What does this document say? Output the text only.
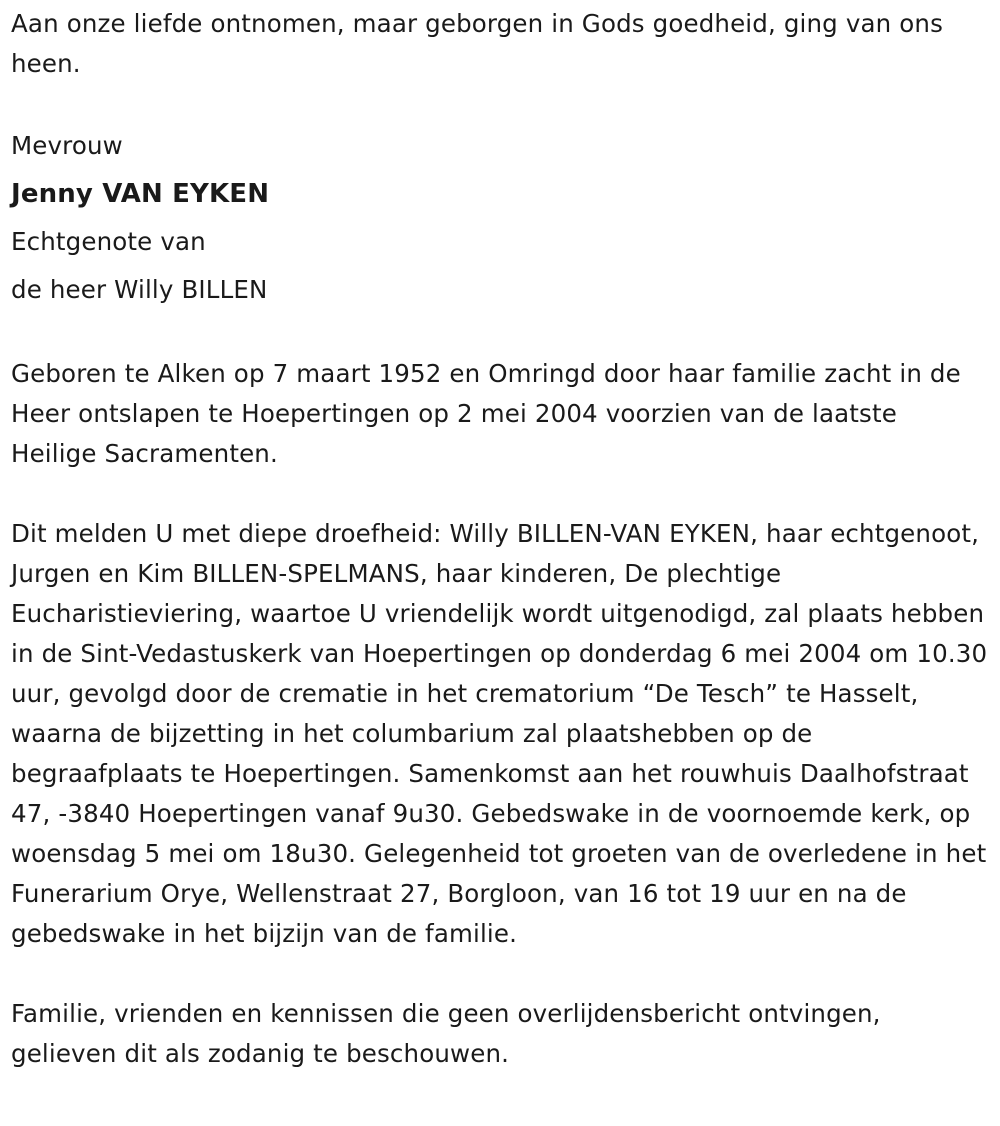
Aan onze liefde ontnomen, maar geborgen in Gods goedheid, ging van ons heen.

Mevrouw

Jenny VAN EYKEN

Echtgenote van

de heer Willy BILLEN

Geboren te Alken op 7 maart 1952 en Omringd door haar familie zacht in de Heer ontslapen te Hoepertingen op 2 mei 2004 voorzien van de laatste Heilige Sacramenten.

Dit melden U met diepe droefheid: Willy BILLEN-VAN EYKEN, haar echtgenoot, Jurgen en Kim BILLEN-SPELMANS, haar kinderen, De plechtige Eucharistieviering, waartoe U vriendelijk wordt uitgenodigd, zal plaats hebben in de Sint-Vedastuskerk van Hoepertingen op donderdag 6 mei 2004 om 10.30 uur, gevolgd door de crematie in het crematorium “De Tesch” te Hasselt, waarna de bijzetting in het columbarium zal plaatshebben op de begraafplaats te Hoepertingen. Samenkomst aan het rouwhuis Daalhofstraat 47, -3840 Hoepertingen vanaf 9u30. Gebedswake in de voornoemde kerk, op woensdag 5 mei om 18u30. Gelegenheid tot groeten van de overledene in het Funerarium Orye, Wellenstraat 27, Borgloon, van 16 tot 19 uur en na de gebedswake in het bijzijn van de familie.

Familie, vrienden en kennissen die geen overlijdensbericht ontvingen, gelieven dit als zodanig te beschouwen.
